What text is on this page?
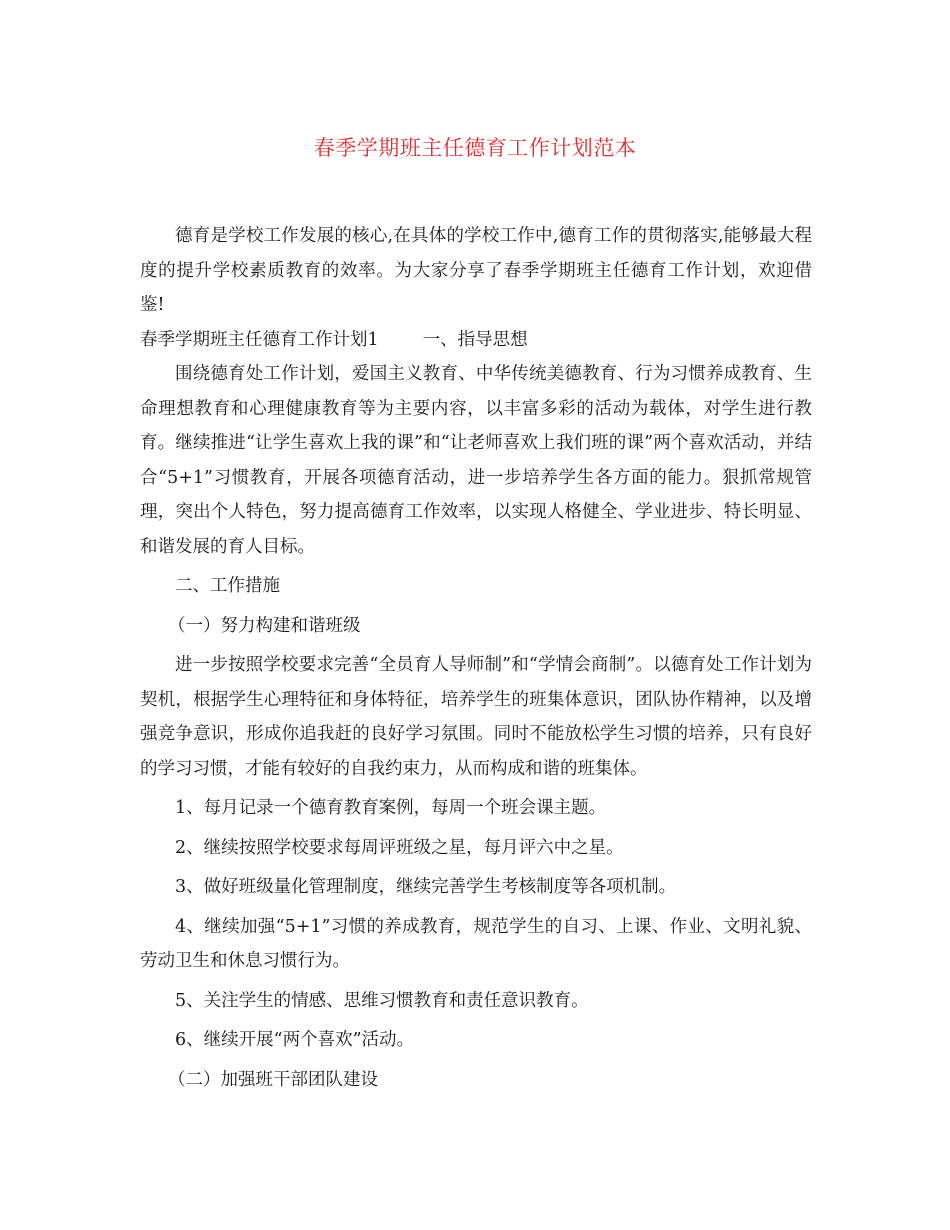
春季学期班主任德育工作计划范本

德育是学校工作发展的核心,在具体的学校工作中,德育工作的贯彻落实,能够最大程度的提升学校素质教育的效率。为大家分享了春季学期班主任德育工作计划，欢迎借鉴!

春季学期班主任德育工作计划1	一、指导思想

围绕德育处工作计划，爱国主义教育、中华传统美德教育、行为习惯养成教育、生命理想教育和心理健康教育等为主要内容，以丰富多彩的活动为载体，对学生进行教育。继续推进“让学生喜欢上我的课”和“让老师喜欢上我们班的课”两个喜欢活动，并结合“5+1”习惯教育，开展各项德育活动，进一步培养学生各方面的能力。狠抓常规管理，突出个人特色，努力提高德育工作效率，以实现人格健全、学业进步、特长明显、和谐发展的育人目标。

二、工作措施

（一）努力构建和谐班级

进一步按照学校要求完善“全员育人导师制”和“学情会商制”。以德育处工作计划为契机，根据学生心理特征和身体特征，培养学生的班集体意识，团队协作精神，以及增强竞争意识，形成你追我赶的良好学习氛围。同时不能放松学生习惯的培养，只有良好的学习习惯，才能有较好的自我约束力，从而构成和谐的班集体。

1、每月记录一个德育教育案例，每周一个班会课主题。

2、继续按照学校要求每周评班级之星，每月评六中之星。

3、做好班级量化管理制度，继续完善学生考核制度等各项机制。

4、继续加强“5+1”习惯的养成教育，规范学生的自习、上课、作业、文明礼貌、劳动卫生和休息习惯行为。

5、关注学生的情感、思维习惯教育和责任意识教育。

6、继续开展“两个喜欢”活动。

（二）加强班干部团队建设
